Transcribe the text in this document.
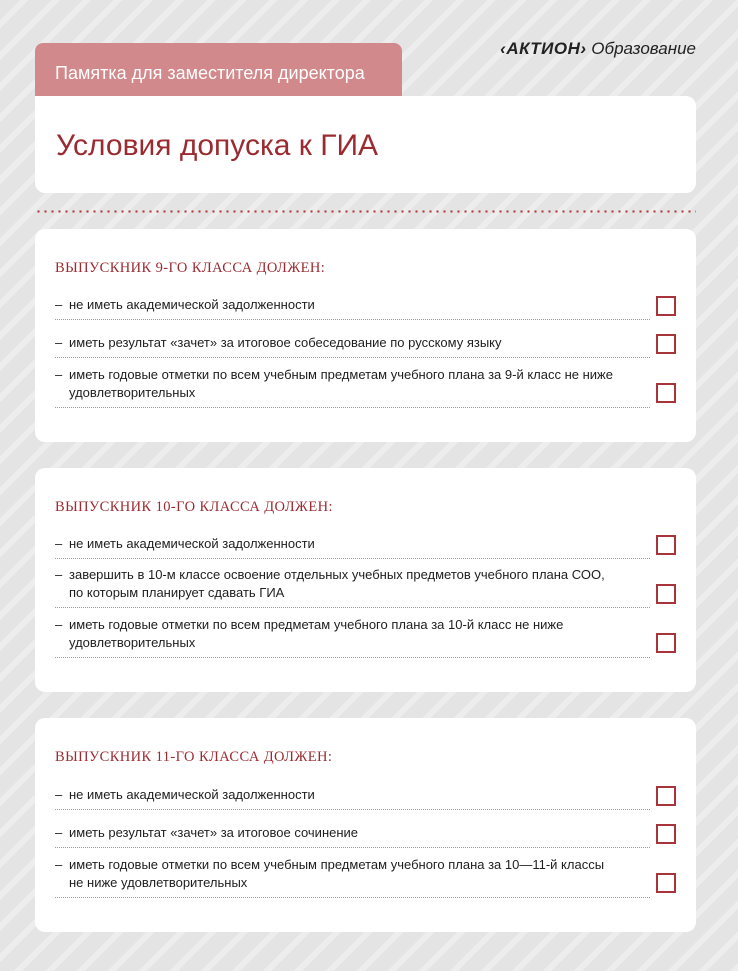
‹АКТИОН› Образование
Памятка для заместителя директора
Условия допуска к ГИА
ВЫПУСКНИК 9-ГО КЛАССА ДОЛЖЕН:
– не иметь академической задолженности
– иметь результат «зачет» за итоговое собеседование по русскому языку
– иметь годовые отметки по всем учебным предметам учебного плана за 9-й класс не ниже удовлетворительных
ВЫПУСКНИК 10-ГО КЛАССА ДОЛЖЕН:
– не иметь академической задолженности
– завершить в 10-м классе освоение отдельных учебных предметов учебного плана СОО, по которым планирует сдавать ГИА
– иметь годовые отметки по всем предметам учебного плана за 10-й класс не ниже удовлетворительных
ВЫПУСКНИК 11-ГО КЛАССА ДОЛЖЕН:
– не иметь академической задолженности
– иметь результат «зачет» за итоговое сочинение
– иметь годовые отметки по всем учебным предметам учебного плана за 10—11-й классы не ниже удовлетворительных
